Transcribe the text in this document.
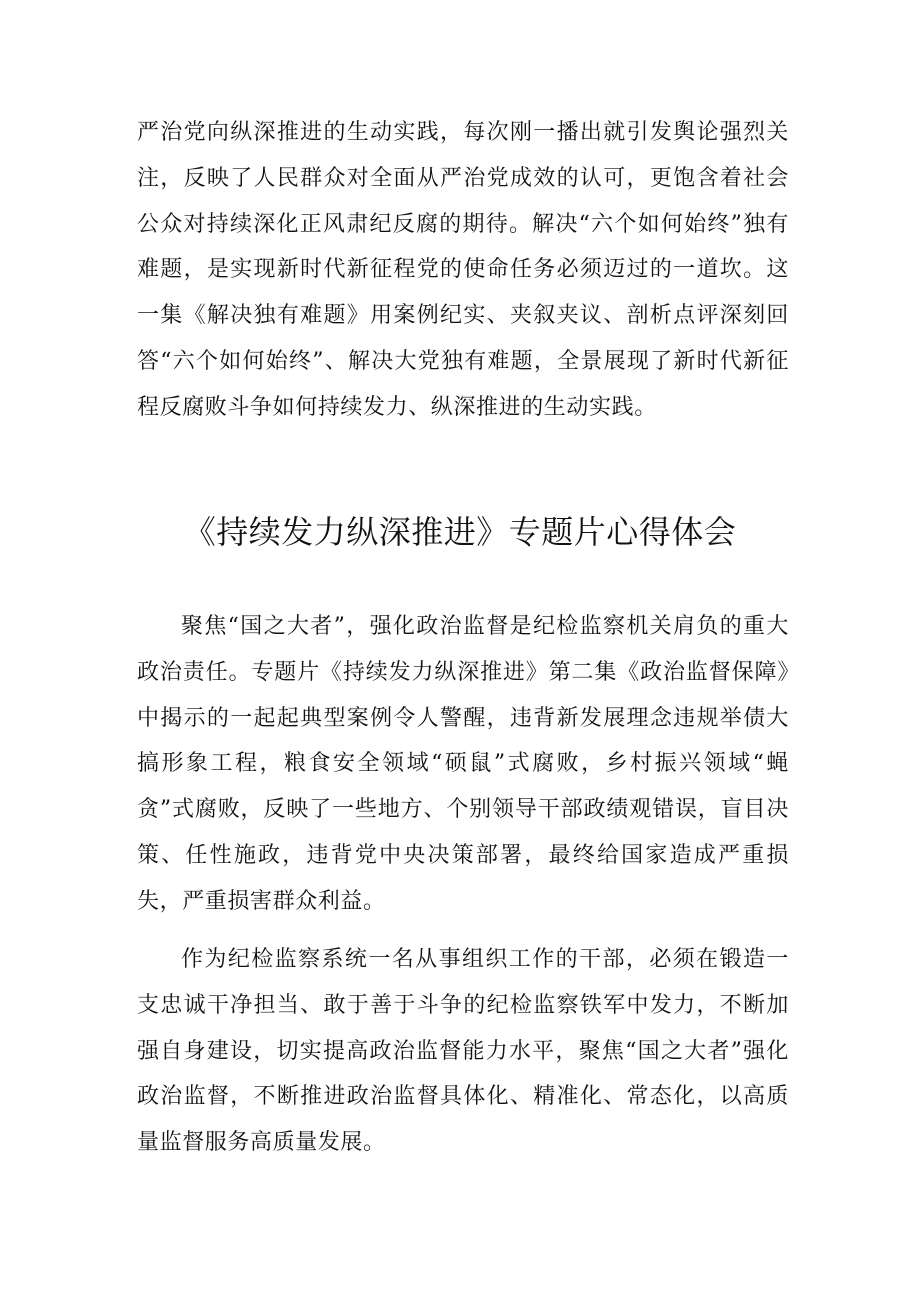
严治党向纵深推进的生动实践，每次刚一播出就引发舆论强烈关注，反映了人民群众对全面从严治党成效的认可，更饱含着社会公众对持续深化正风肃纪反腐的期待。解决“六个如何始终”独有难题，是实现新时代新征程党的使命任务必须迈过的一道坎。这一集《解决独有难题》用案例纪实、夹叙夹议、剖析点评深刻回答“六个如何始终”、解决大党独有难题，全景展现了新时代新征程反腐败斗争如何持续发力、纵深推进的生动实践。

《持续发力纵深推进》专题片心得体会

聚焦“国之大者”，强化政治监督是纪检监察机关肩负的重大政治责任。专题片《持续发力纵深推进》第二集《政治监督保障》中揭示的一起起典型案例令人警醒，违背新发展理念违规举债大搞形象工程，粮食安全领域“硕鼠”式腐败，乡村振兴领域“蝇贪”式腐败，反映了一些地方、个别领导干部政绩观错误，盲目决策、任性施政，违背党中央决策部署，最终给国家造成严重损失，严重损害群众利益。

作为纪检监察系统一名从事组织工作的干部，必须在锻造一支忠诚干净担当、敢于善于斗争的纪检监察铁军中发力，不断加强自身建设，切实提高政治监督能力水平，聚焦“国之大者”强化政治监督，不断推进政治监督具体化、精准化、常态化，以高质量监督服务高质量发展。
